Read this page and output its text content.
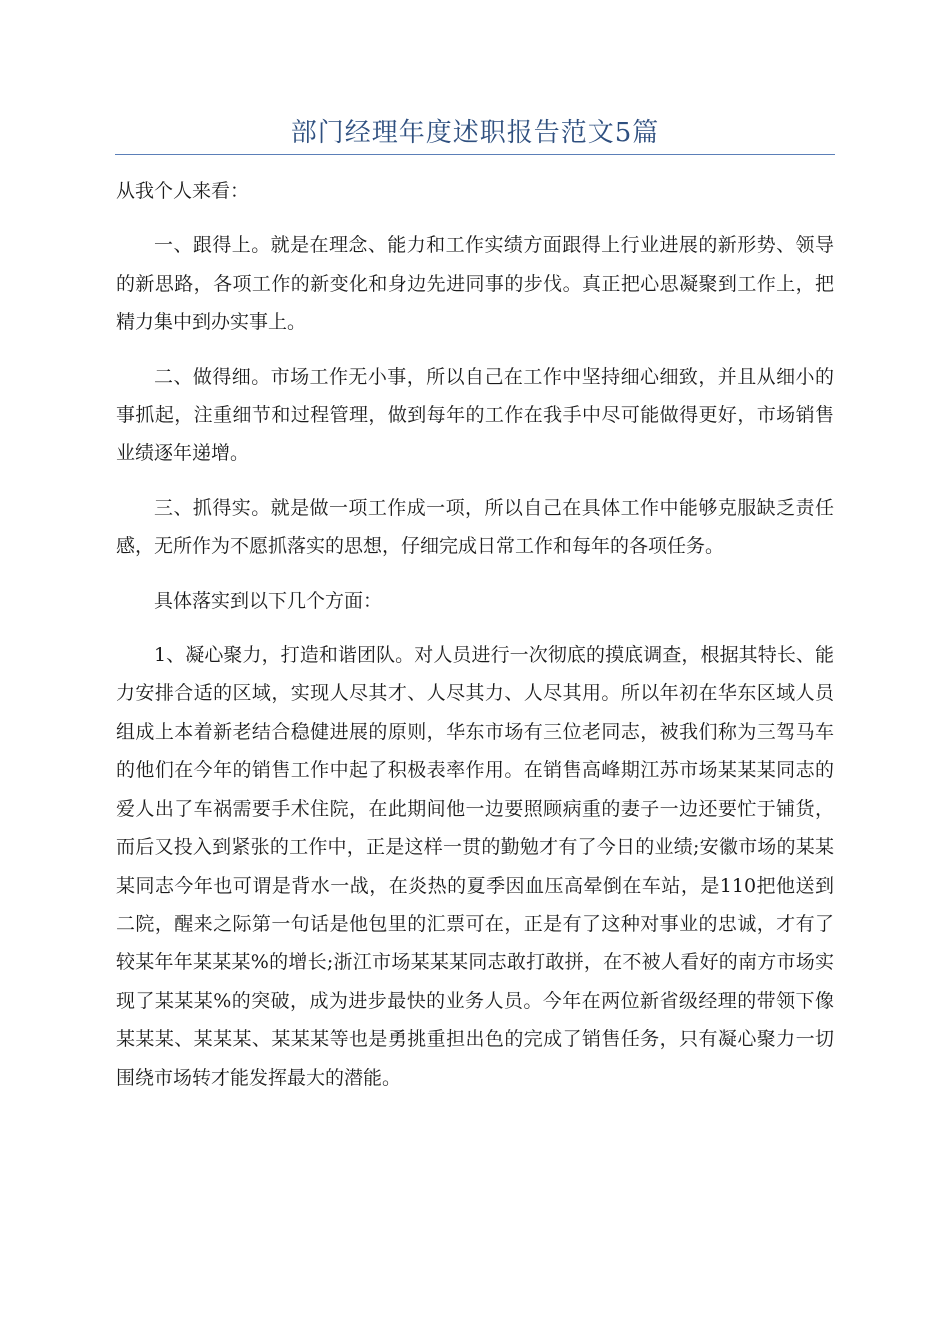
部门经理年度述职报告范文5篇

从我个人来看：

一、跟得上。就是在理念、能力和工作实绩方面跟得上行业进展的新形势、领导的新思路，各项工作的新变化和身边先进同事的步伐。真正把心思凝聚到工作上，把精力集中到办实事上。

二、做得细。市场工作无小事，所以自己在工作中坚持细心细致，并且从细小的事抓起，注重细节和过程管理，做到每年的工作在我手中尽可能做得更好，市场销售业绩逐年递增。

三、抓得实。就是做一项工作成一项，所以自己在具体工作中能够克服缺乏责任感，无所作为不愿抓落实的思想，仔细完成日常工作和每年的各项任务。

具体落实到以下几个方面：

1、凝心聚力，打造和谐团队。对人员进行一次彻底的摸底调查，根据其特长、能力安排合适的区域，实现人尽其才、人尽其力、人尽其用。所以年初在华东区域人员组成上本着新老结合稳健进展的原则，华东市场有三位老同志，被我们称为三驾马车的他们在今年的销售工作中起了积极表率作用。在销售高峰期江苏市场某某某同志的爱人出了车祸需要手术住院，在此期间他一边要照顾病重的妻子一边还要忙于铺货，而后又投入到紧张的工作中，正是这样一贯的勤勉才有了今日的业绩;安徽市场的某某某同志今年也可谓是背水一战，在炎热的夏季因血压高晕倒在车站，是110把他送到二院，醒来之际第一句话是他包里的汇票可在，正是有了这种对事业的忠诚，才有了较某年年某某某%的增长;浙江市场某某某同志敢打敢拼，在不被人看好的南方市场实现了某某某%的突破，成为进步最快的业务人员。今年在两位新省级经理的带领下像某某某、某某某、某某某等也是勇挑重担出色的完成了销售任务，只有凝心聚力一切围绕市场转才能发挥最大的潜能。
